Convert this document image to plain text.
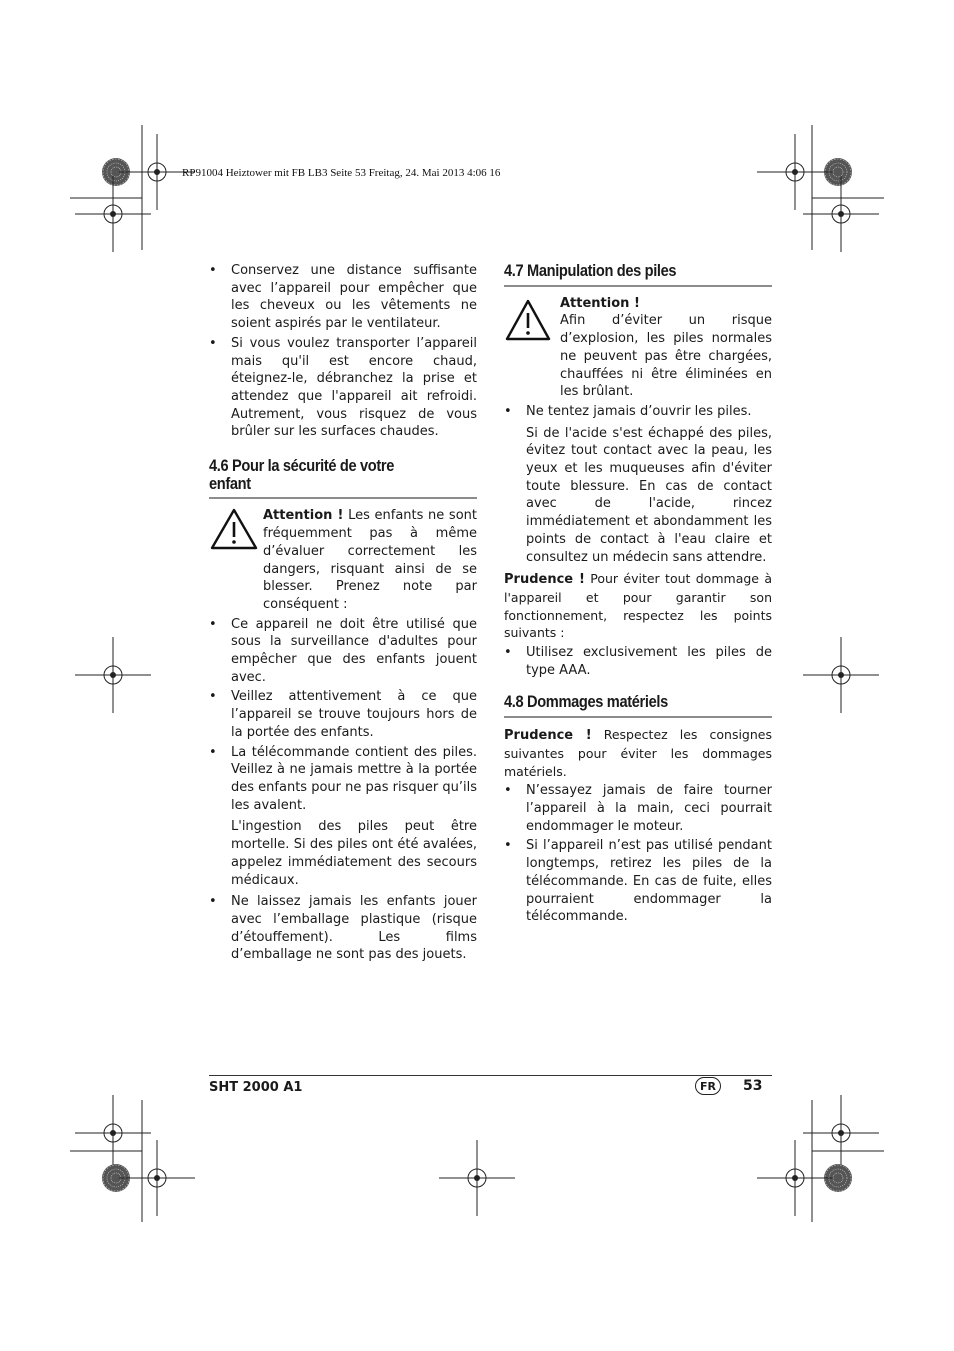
RP91004 Heiztower mit FB LB3 Seite 53 Freitag, 24. Mai 2013 4:06 16
• Conservez une distance suffisante avec l’appareil pour empêcher que les cheveux ou les vêtements ne soient aspirés par le ventilateur.
• Si vous voulez transporter l’appareil mais qu'il est encore chaud, éteignez-le, débranchez la prise et attendez que l'appareil ait refroidi. Autrement, vous risquez de vous brûler sur les surfaces chaudes.
4.6 Pour la sécurité de votre enfant
Attention ! Les enfants ne sont fréquemment pas à même d’évaluer correctement les dangers, risquant ainsi de se blesser. Prenez note par conséquent :
• Ce appareil ne doit être utilisé que sous la surveillance d'adultes pour empêcher que des enfants jouent avec.
• Veillez attentivement à ce que l’appareil se trouve toujours hors de la portée des enfants.
• La télécommande contient des piles. Veillez à ne jamais mettre à la portée des enfants pour ne pas risquer qu’ils les avalent.
L'ingestion des piles peut être mortelle. Si des piles ont été avalées, appelez immédiatement des secours médicaux.
• Ne laissez jamais les enfants jouer avec l’emballage plastique (risque d’étouffement). Les films d’emballage ne sont pas des jouets.
4.7 Manipulation des piles
Attention !
Afin d’éviter un risque d’explosion, les piles normales ne peuvent pas être chargées, chauffées ni être éliminées en les brûlant.
• Ne tentez jamais d’ouvrir les piles.
Si de l'acide s'est échappé des piles, évitez tout contact avec la peau, les yeux et les muqueuses afin d'éviter toute blessure. En cas de contact avec de l'acide, rincez immédiatement et abondamment les points de contact à l'eau claire et consultez un médecin sans attendre.
Prudence ! Pour éviter tout dommage à l'appareil et pour garantir son fonctionnement, respectez les points suivants :
• Utilisez exclusivement les piles de type AAA.
4.8 Dommages matériels
Prudence ! Respectez les consignes suivantes pour éviter les dommages matériels.
• N’essayez jamais de faire tourner l’appareil à la main, ceci pourrait endommager le moteur.
• Si l’appareil n’est pas utilisé pendant longtemps, retirez les piles de la télécommande. En cas de fuite, elles pourraient endommager la télécommande.
SHT 2000 A1	FR	53
